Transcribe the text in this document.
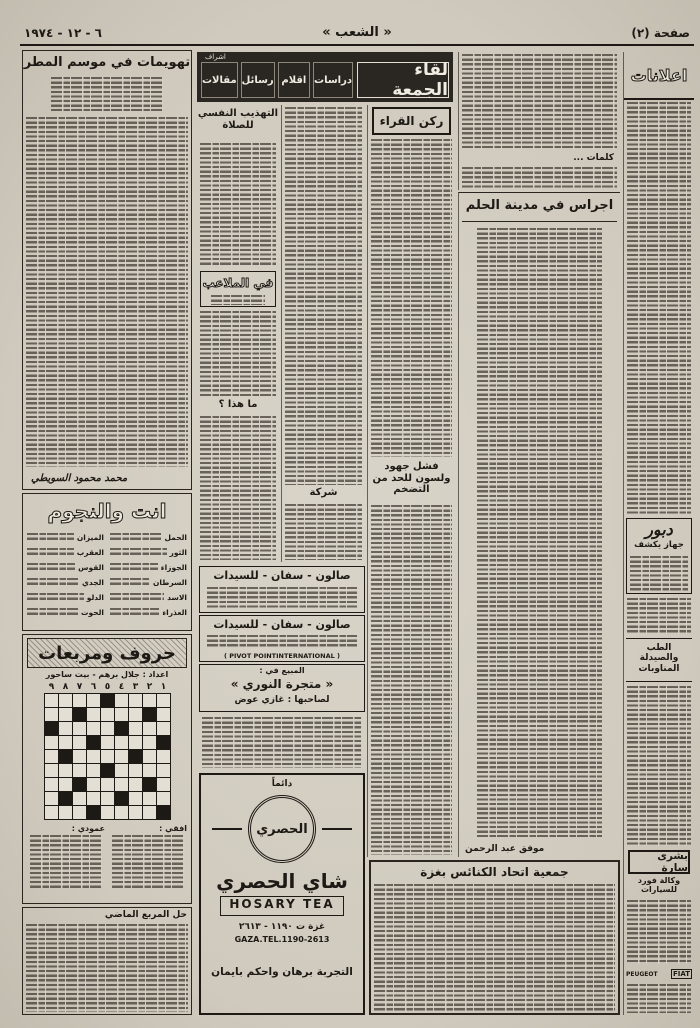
صفحة (٢)
« الشعب »
٦ - ١٢ - ١٩٧٤
تهويمات في موسم المطر
محمد محمود السويطي
انت والنجوم
الحمل
الثور
الجوزاء
السرطان
الاسد
العذراء
الميزان
العقرب
القوس
الجدي
الدلو
الحوت
حروف ومربعات
اعداد : جلال برهم - بيت ساحور
١
٢
٣
٤
٥
٦
٧
٨
٩
افقي :
عمودي :
حل المربع الماضي
اشراف
لقاء الجمعة
دراسات
اقلام
رسائل
مقالات
التهذيب النفسي للصلاة
في الملاعب
ما هذا ؟
شركة
ركن القراء
فشل جهود ولسون للحد من التضخم
صالون - سفان - للسيدات
صالون - سفان - للسيدات
( PIVOT POINTINTERNATIONAL )
المبيع في :
« متجرة النوري »
لصاحبها : غازي عوض
دائماً
الحصري
شاي الحصري
HOSARY TEA
غزة ت ١١٩٠ - ٢٦١٣
GAZA.TEL.1190-2613
التجربة برهان واحكم بايمان
كلمات ...
اجراس في مدينة الحلم
موفق عبد الرحمن
جمعية اتحاد الكنائس بغزة
اعلانات
دبور
جهاز يكشف
الطب والصيدلة المناوبات
بشرى سارة
وكالة فورد للسيارات
PEUGEOT FIAT
